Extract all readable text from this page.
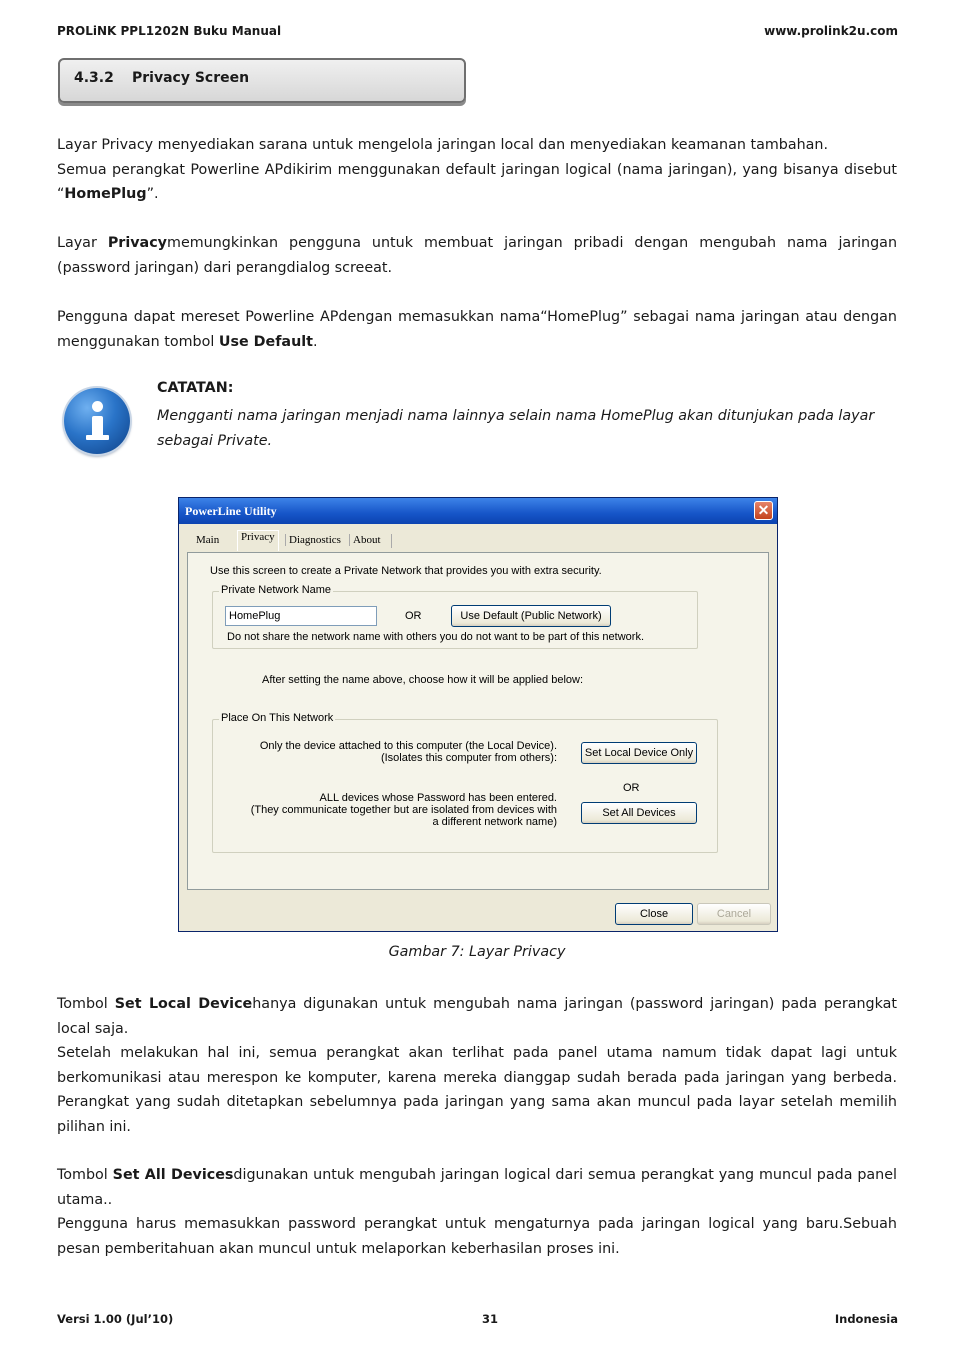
PROLiNK PPL1202N Buku Manual	www.prolink2u.com
4.3.2 Privacy Screen
Layar Privacy menyediakan sarana untuk mengelola jaringan local dan menyediakan keamanan tambahan.
Semua perangkat Powerline APdikirim menggunakan default jaringan logical (nama jaringan), yang bisanya disebut “HomePlug”.
Layar Privacymemungkinkan pengguna untuk membuat jaringan pribadi dengan mengubah nama jaringan (password jaringan) dari perangdialog screeat.
Pengguna dapat mereset Powerline APdengan memasukkan nama“HomePlug” sebagai nama jaringan atau dengan menggunakan tombol Use Default.
CATATAN:
Mengganti nama jaringan menjadi nama lainnya selain nama HomePlug akan ditunjukan pada layar sebagai Private.
PowerLine Utility	✕
Main	Privacy	Diagnostics	About
Use this screen to create a Private Network that provides you with extra security.
Private Network Name
HomePlug
OR	Use Default (Public Network)
Do not share the network name with others you do not want to be part of this network.
After setting the name above, choose how it will be applied below:
Place On This Network
Only the device attached to this computer (the Local Device).
(Isolates this computer from others):	Set Local Device Only
OR
ALL devices whose Password has been entered.
(They communicate together but are isolated from devices with
a different network name)
Set All Devices
Close	Cancel
Gambar 7: Layar Privacy
Tombol Set Local Devicehanya digunakan untuk mengubah nama jaringan (password jaringan) pada perangkat local saja.
Setelah melakukan hal ini, semua perangkat akan terlihat pada panel utama namum tidak dapat lagi untuk berkomunikasi atau merespon ke komputer, karena mereka dianggap sudah berada pada jaringan yang berbeda. Perangkat yang sudah ditetapkan sebelumnya pada jaringan yang sama akan muncul pada layar setelah memilih pilihan ini.
Tombol Set All Devicesdigunakan untuk mengubah jaringan logical dari semua perangkat yang muncul pada panel utama..
Pengguna harus memasukkan password perangkat untuk mengaturnya pada jaringan logical yang baru.Sebuah pesan pemberitahuan akan muncul untuk melaporkan keberhasilan proses ini.
Versi 1.00 (Jul’10)	31	Indonesia
